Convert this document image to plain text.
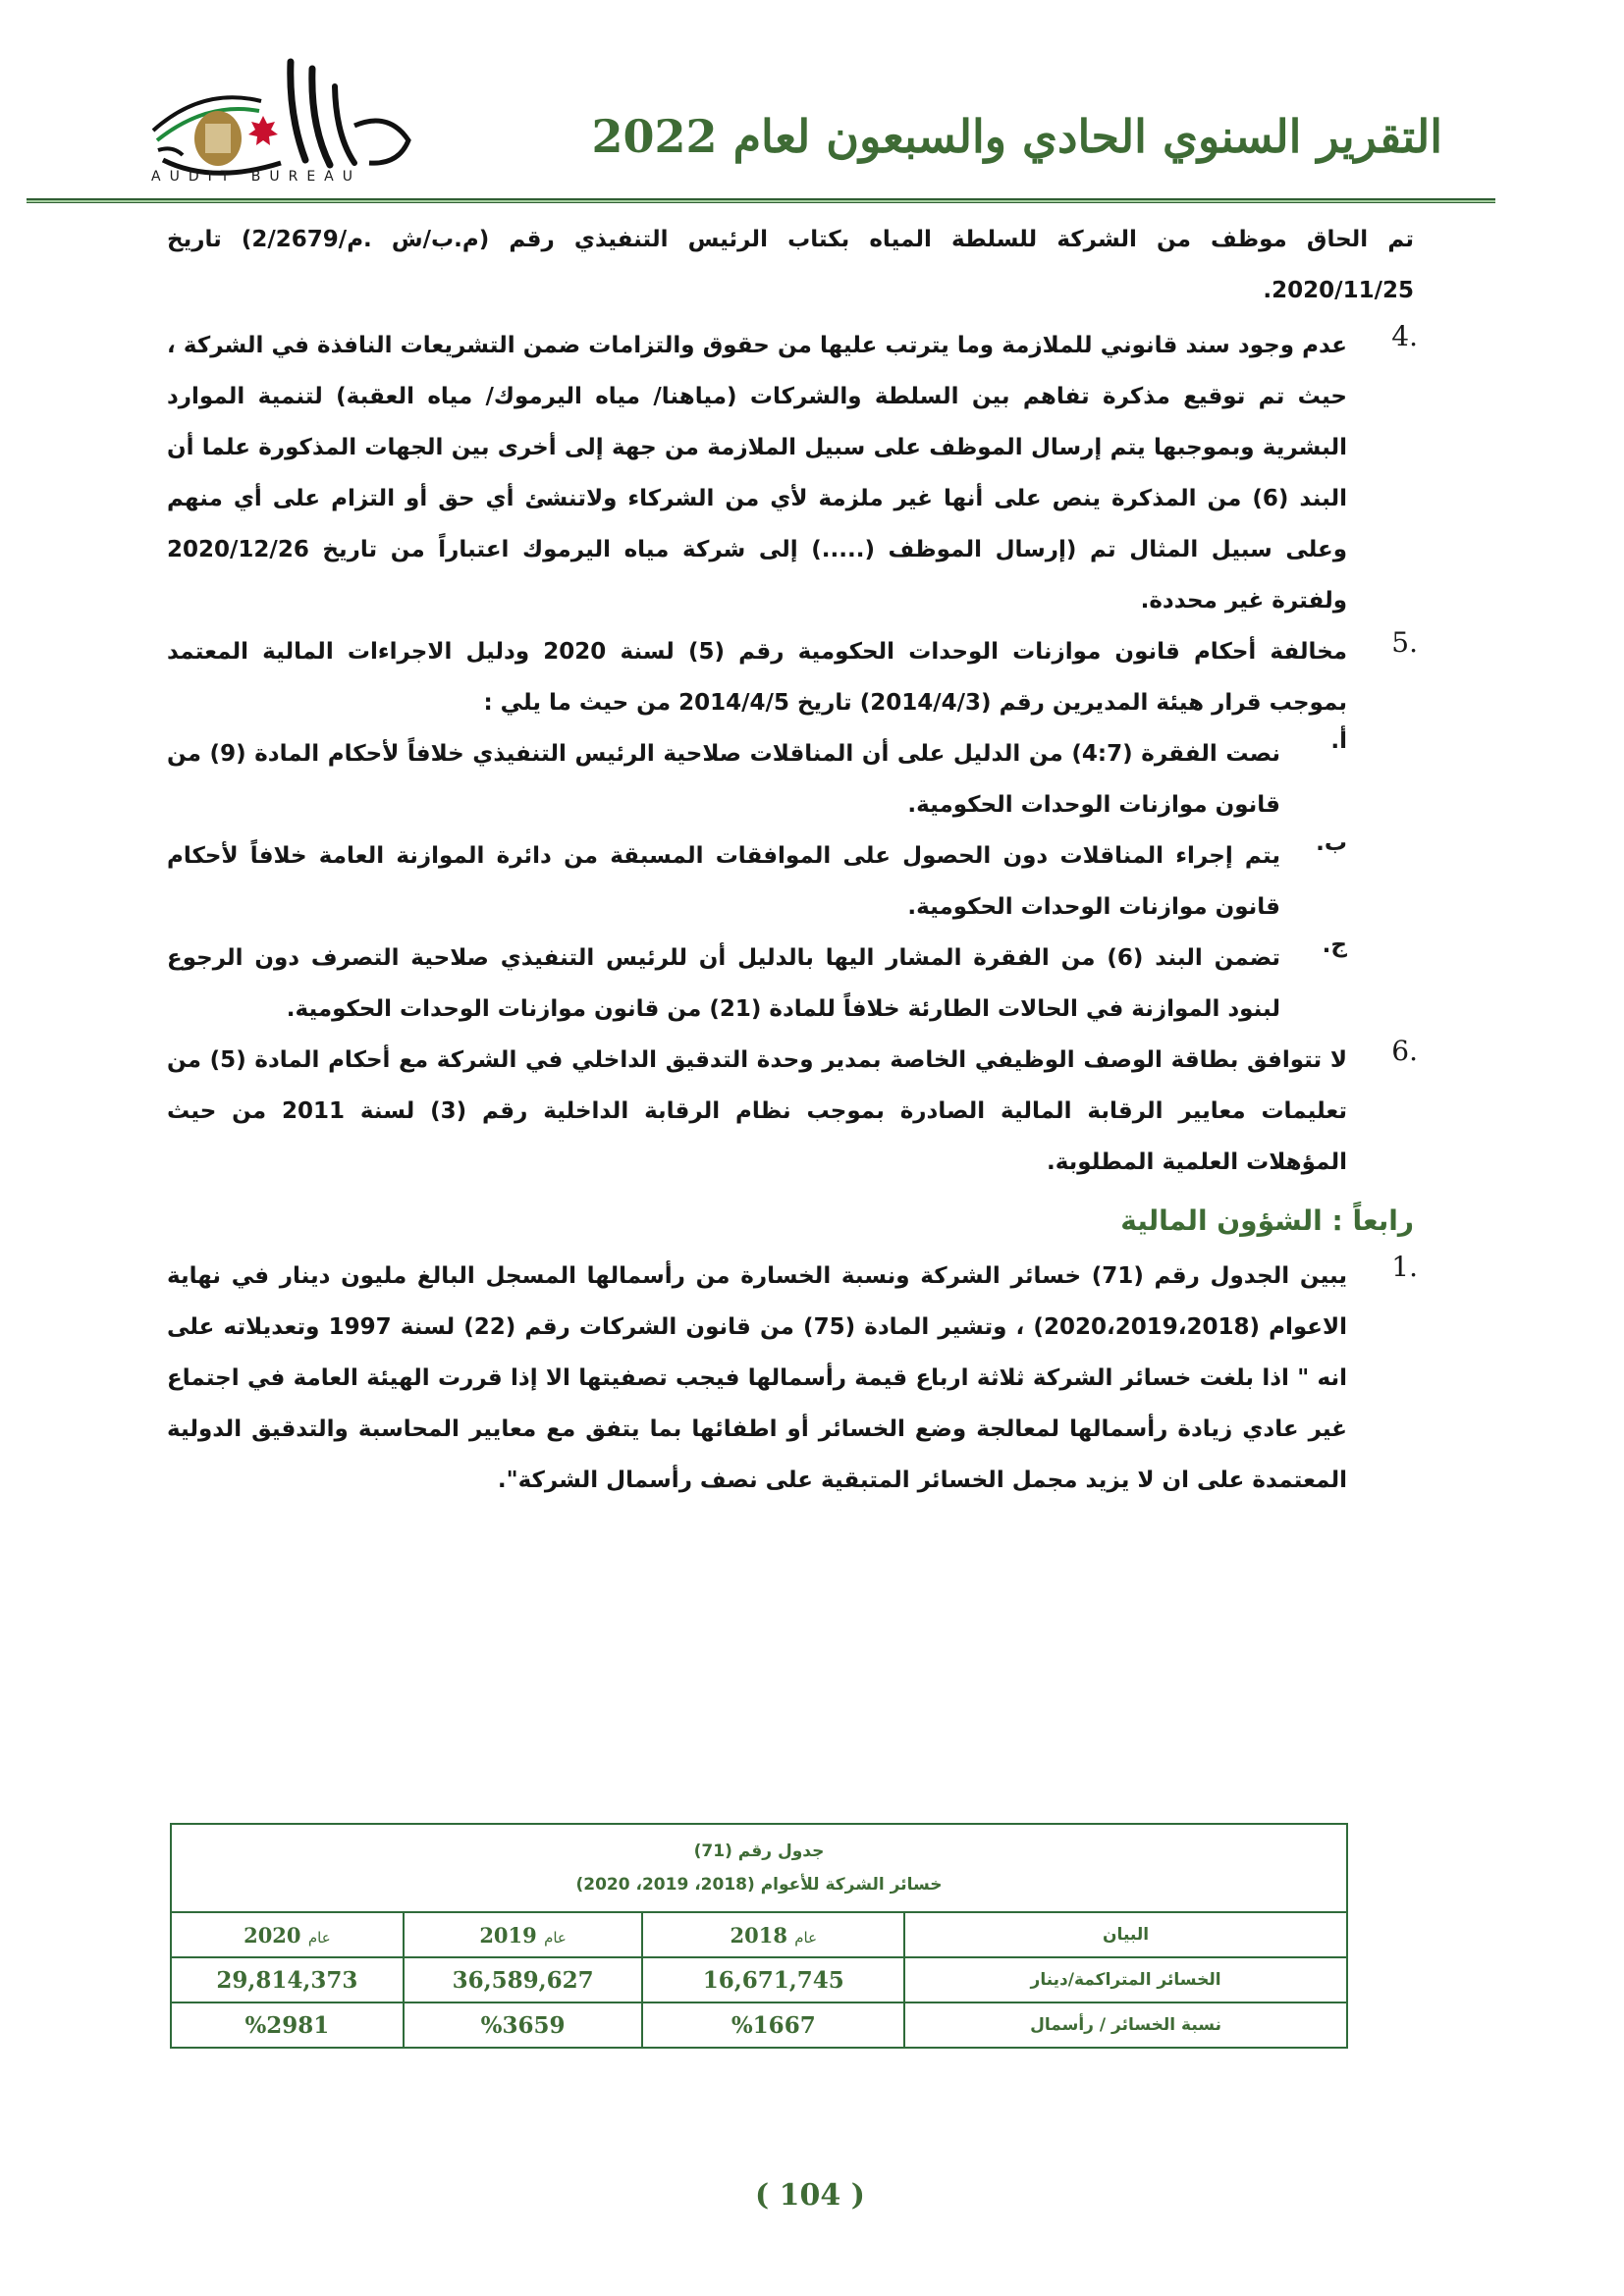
AUDIT BUREAU
التقرير السنوي الحادي والسبعون لعام 2022

تم الحاق موظف من الشركة للسلطة المياه بكتاب الرئيس التنفيذي رقم (م.ب/ش .م/2/2679) تاريخ 2020/11/25.

4.

عدم وجود سند قانوني للملازمة وما يترتب عليها من حقوق والتزامات ضمن التشريعات النافذة في الشركة ، حيث تم توقيع مذكرة تفاهم بين السلطة والشركات (مياهنا/ مياه اليرموك/ مياه العقبة) لتنمية الموارد البشرية وبموجبها يتم إرسال الموظف على سبيل الملازمة من جهة إلى أخرى بين الجهات المذكورة علما أن البند (6) من المذكرة ينص على أنها غير ملزمة لأي من الشركاء ولاتنشئ أي حق أو التزام على أي منهم وعلى سبيل المثال تم (إرسال الموظف (.....) إلى شركة مياه اليرموك اعتباراً من تاريخ 2020/12/26 ولفترة غير محددة.

5.

مخالفة أحكام قانون موازنات الوحدات الحكومية رقم (5) لسنة 2020 ودليل الاجراءات المالية المعتمد بموجب قرار هيئة المديرين رقم (2014/4/3) تاريخ 2014/4/5 من حيث ما يلي :

أ.

نصت الفقرة (4:7) من الدليل على أن المناقلات صلاحية الرئيس التنفيذي خلافاً لأحكام المادة (9) من قانون موازنات الوحدات الحكومية.

ب.

يتم إجراء المناقلات دون الحصول على الموافقات المسبقة من دائرة الموازنة العامة خلافاً لأحكام قانون موازنات الوحدات الحكومية.

ج.

تضمن البند (6) من الفقرة المشار اليها بالدليل أن للرئيس التنفيذي صلاحية التصرف دون الرجوع لبنود الموازنة في الحالات الطارئة خلافاً للمادة (21) من قانون موازنات الوحدات الحكومية.

6.

لا تتوافق بطاقة الوصف الوظيفي الخاصة بمدير وحدة التدقيق الداخلي في الشركة مع أحكام المادة (5) من تعليمات معايير الرقابة المالية الصادرة بموجب نظام الرقابة الداخلية رقم (3) لسنة 2011 من حيث المؤهلات العلمية المطلوبة.

رابعاً : الشؤون المالية
1.

يبين الجدول رقم (71) خسائر الشركة ونسبة الخسارة من رأسمالها المسجل البالغ مليون دينار في نهاية الاعوام (2020،2019،2018) ، وتشير المادة (75) من قانون الشركات رقم (22) لسنة 1997 وتعديلاته على انه " اذا بلغت خسائر الشركة ثلاثة ارباع قيمة رأسمالها فيجب تصفيتها الا إذا قررت الهيئة العامة في اجتماع غير عادي زيادة رأسمالها لمعالجة وضع الخسائر أو اطفائها بما يتفق مع معايير المحاسبة والتدقيق الدولية المعتمدة على ان لا يزيد مجمل الخسائر المتبقية على نصف رأسمال الشركة".

جدول رقم (71)
خسائر الشركة للأعوام (2018، 2019، 2020)			

البيان	عام 2018	عام 2019	عام 2020
الخسائر المتراكمة/دينار	16,671,745	36,589,627	29,814,373
نسبة الخسائر / رأسمال	%1667	%3659	%2981
( 104 )
